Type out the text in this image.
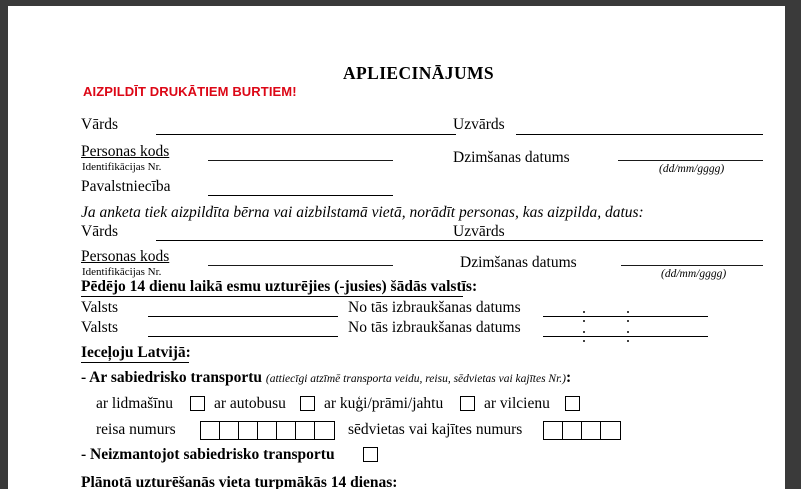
APLIECINĀJUMS
AIZPILDĪT DRUKĀTIEM BURTIEM!
Vārds	Uzvārds
Personas kods
Identifikācijas Nr.
Dzimšanas datums
(dd/mm/gggg)
Pavalstniecība
Ja anketa tiek aizpildīta bērna vai aizbilstamā vietā, norādīt personas, kas aizpilda, datus:
Vārds	Uzvārds
Personas kods
Identifikācijas Nr.
Dzimšanas datums
(dd/mm/gggg)
Pēdējo 14 dienu laikā esmu uzturējies (-jusies) šādās valstīs:
Valsts	No tās izbraukšanas datums
Valsts	No tās izbraukšanas datums
Ieceļoju Latvijā:
- Ar sabiedrisko transportu (attiecīgi atzīmē transporta veidu, reisu, sēdvietas vai kajītes Nr.):
ar lidmašīnu	ar autobusu ar kuģi/prāmi/jahtu	ar vilcienu
reisa numurs	sēdvietas vai kajītes numurs
- Neizmantojot sabiedrisko transportu
Plānotā uzturēšanās vieta turpmākās 14 dienas:
